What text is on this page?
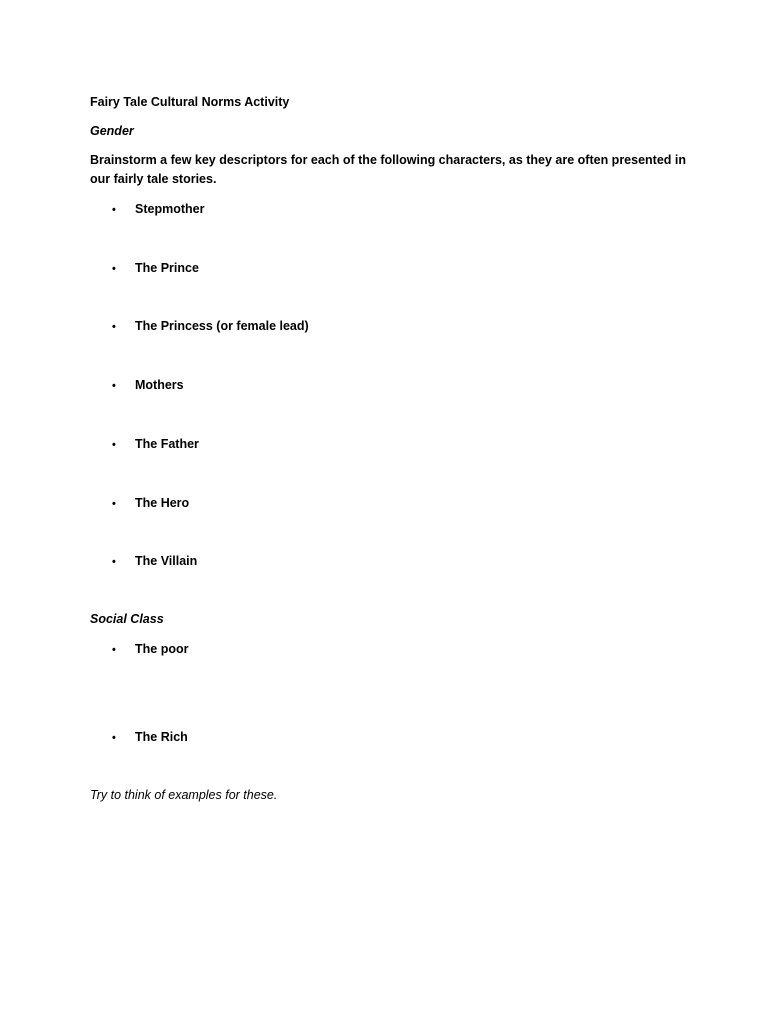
Fairy Tale Cultural Norms Activity
Gender
Brainstorm a few key descriptors for each of the following characters, as they are often presented in our fairly tale stories.
• Stepmother
• The Prince
• The Princess (or female lead)
• Mothers
• The Father
• The Hero
• The Villain
Social Class
• The poor
• The Rich
Try to think of examples for these.
